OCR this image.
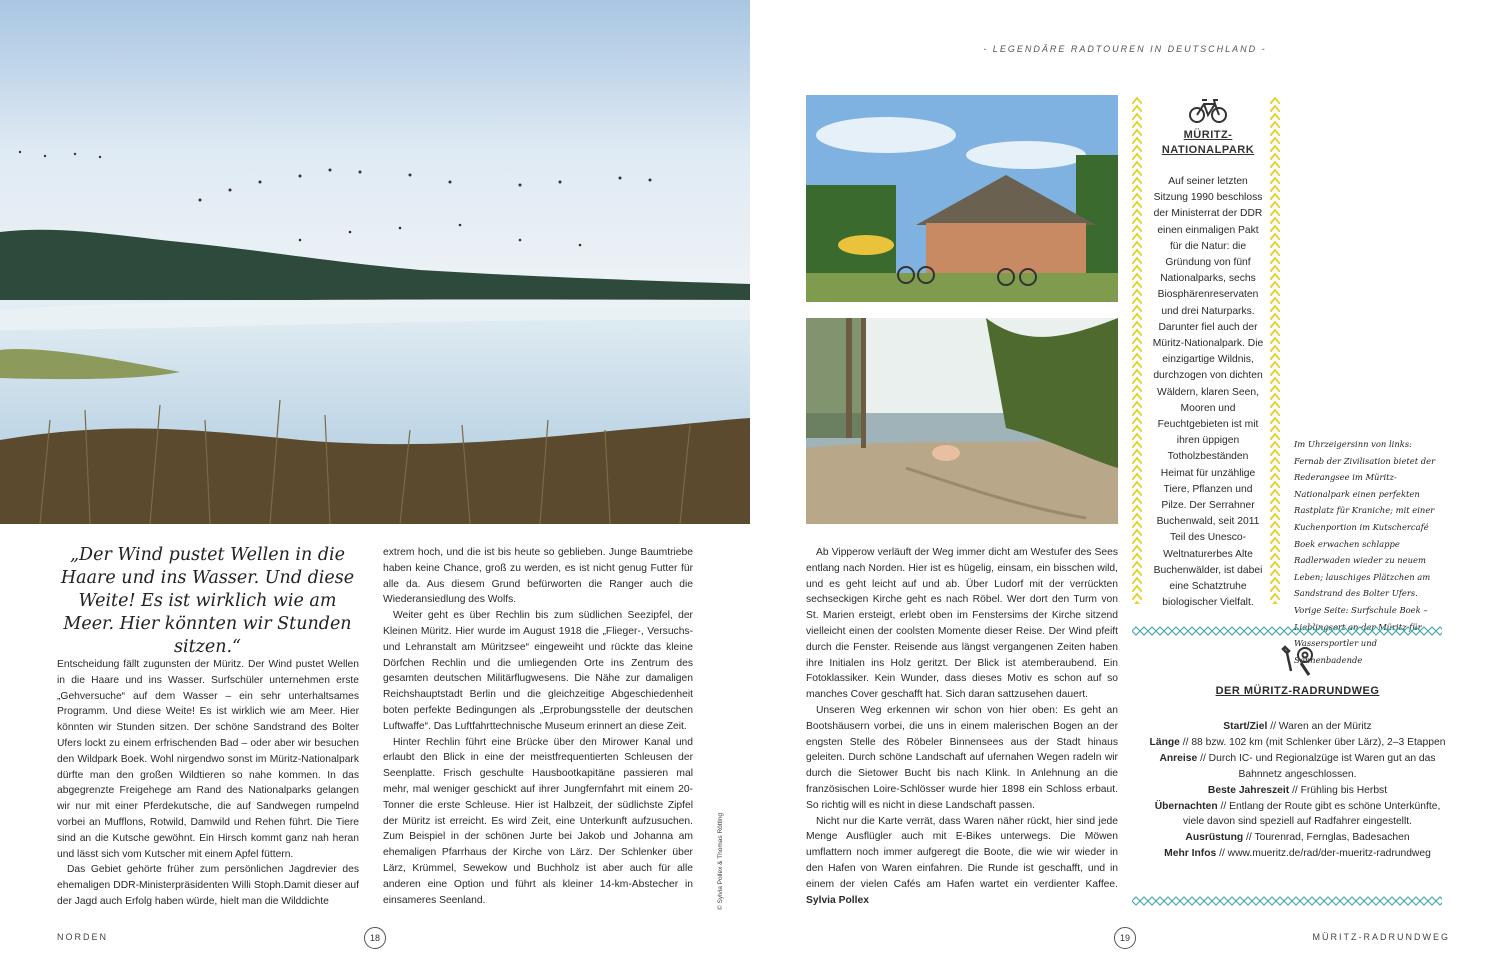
- LEGENDÄRE RADTOUREN IN DEUTSCHLAND -
„Der Wind pustet Wellen in die Haare und ins Wasser. Und diese Weite! Es ist wirklich wie am Meer. Hier könnten wir Stunden sitzen.“

Entscheidung fällt zugunsten der Müritz. Der Wind pustet Wellen in die Haare und ins Wasser. Surfschüler unternehmen erste „Gehversuche“ auf dem Wasser – ein sehr unterhaltsames Programm. Und diese Weite! Es ist wirklich wie am Meer. Hier könnten wir Stunden sitzen. Der schöne Sandstrand des Bolter Ufers lockt zu einem erfrischenden Bad – oder aber wir besuchen den Wildpark Boek. Wohl nirgendwo sonst im Müritz-Nationalpark dürfte man den großen Wildtieren so nahe kommen. In das abgegrenzte Freigehege am Rand des Nationalparks gelangen wir nur mit einer Pferdekutsche, die auf Sandwegen rumpelnd vorbei an Mufflons, Rotwild, Damwild und Rehen führt. Die Tiere sind an die Kutsche gewöhnt. Ein Hirsch kommt ganz nah heran und lässt sich vom Kutscher mit einem Apfel füttern.

Das Gebiet gehörte früher zum persönlichen Jagdrevier des ehemaligen DDR-Ministerpräsidenten Willi Stoph.Damit dieser auf der Jagd auch Erfolg haben würde, hielt man die Wilddichte

extrem hoch, und die ist bis heute so geblieben. Junge Baumtriebe haben keine Chance, groß zu werden, es ist nicht genug Futter für alle da. Aus diesem Grund befürworten die Ranger auch die Wiederansiedlung des Wolfs.

Weiter geht es über Rechlin bis zum südlichen Seezipfel, der Kleinen Müritz. Hier wurde im August 1918 die „Flieger-, Versuchs- und Lehranstalt am Müritzsee“ eingeweiht und rückte das kleine Dörfchen Rechlin und die umliegenden Orte ins Zentrum des gesamten deutschen Militärflugwesens. Die Nähe zur damaligen Reichshauptstadt Berlin und die gleichzeitige Abgeschiedenheit boten perfekte Bedingungen als „Erprobungsstelle der deutschen Luftwaffe“. Das Luftfahrttechnische Museum erinnert an diese Zeit.

Hinter Rechlin führt eine Brücke über den Mirower Kanal und erlaubt den Blick in eine der meistfrequentierten Schleusen der Seenplatte. Frisch geschulte Hausbootkapitäne passieren mal mehr, mal weniger geschickt auf ihrer Jungfernfahrt mit einem 20-Tonner die erste Schleuse. Hier ist Halbzeit, der südlichste Zipfel der Müritz ist erreicht. Es wird Zeit, eine Unterkunft aufzusuchen. Zum Beispiel in der schönen Jurte bei Jakob und Johanna am ehemaligen Pfarrhaus der Kirche von Lärz. Der Schlenker über Lärz, Krümmel, Sewekow und Buchholz ist aber auch für alle anderen eine Option und führt als kleiner 14-km-Abstecher in einsameres Seenland.	© Sylvia Pollex & Thomas Rötting

Ab Vipperow verläuft der Weg immer dicht am Westufer des Sees entlang nach Norden. Hier ist es hügelig, einsam, ein bisschen wild, und es geht leicht auf und ab. Über Ludorf mit der verrückten sechseckigen Kirche geht es nach Röbel. Wer dort den Turm von St. Marien ersteigt, erlebt oben im Fenstersims der Kirche sitzend vielleicht einen der coolsten Momente dieser Reise. Der Wind pfeift durch die Fenster. Reisende aus längst vergangenen Zeiten haben ihre Initialen ins Holz geritzt. Der Blick ist atemberaubend. Ein Fotoklassiker. Kein Wunder, dass dieses Motiv es schon auf so manches Cover geschafft hat. Sich daran sattzusehen dauert.

Unseren Weg erkennen wir schon von hier oben: Es geht an Bootshäusern vorbei, die uns in einem malerischen Bogen an der engsten Stelle des Röbeler Binnensees aus der Stadt hinaus geleiten. Durch schöne Landschaft auf ufernahen Wegen radeln wir durch die Sietower Bucht bis nach Klink. In Anlehnung an die französischen Loire-Schlösser wurde hier 1898 ein Schloss erbaut. So richtig will es nicht in diese Landschaft passen.

Nicht nur die Karte verrät, dass Waren näher rückt, hier sind jede Menge Ausflügler auch mit E-Bikes unterwegs. Die Möwen umflattern noch immer aufgeregt die Boote, die wie wir wieder in den Hafen von Waren einfahren. Die Runde ist geschafft, und in einem der vielen Cafés am Hafen wartet ein verdienter Kaffee. Sylvia Pollex

MÜRITZ-
NATIONALPARK
Auf seiner letzten Sitzung 1990 beschloss der Ministerrat der DDR einen einmaligen Pakt für die Natur: die Gründung von fünf Nationalparks, sechs Biosphärenreservaten und drei Naturparks. Darunter fiel auch der Müritz-Nationalpark. Die einzigartige Wildnis, durchzogen von dichten Wäldern, klaren Seen, Mooren und Feuchtgebieten ist mit ihren üppigen Totholzbeständen Heimat für unzählige Tiere, Pflanzen und Pilze. Der Serrahner Buchenwald, seit 2011 Teil des Unesco-Weltnaturerbes Alte Buchenwälder, ist dabei eine Schatztruhe biologischer Vielfalt.
Im Uhrzeigersinn von links: Fernab der Zivilisation bietet der Rederangsee im Müritz-Nationalpark einen perfekten Rastplatz für Kraniche; mit einer Kuchenportion im Kutschercafé Boek erwachen schlappe Radlerwaden wieder zu neuem Leben; lauschiges Plätzchen am Sandstrand des Bolter Ufers. Vorige Seite: Surfschule Boek – Wassersportler und Sonnenbadende
DER MÜRITZ-RADRUNDWEG
Start/Ziel // Waren an der Müritz
Länge // 88 bzw. 102 km (mit Schlenker über Lärz), 2–3 Etappen
Anreise // Durch IC- und Regionalzüge ist Waren gut an das Bahnnetz angeschlossen.
Beste Jahreszeit // Frühling bis Herbst
Übernachten // Entlang der Route gibt es schöne Unterkünfte, viele davon sind speziell auf Radfahrer eingestellt.
Ausrüstung // Tourenrad, Fernglas, Badesachen
Mehr Infos // www.mueritz.de/rad/der-mueritz-radrundweg
NORDEN	18	19	MÜRITZ-RADRUNDWEG
